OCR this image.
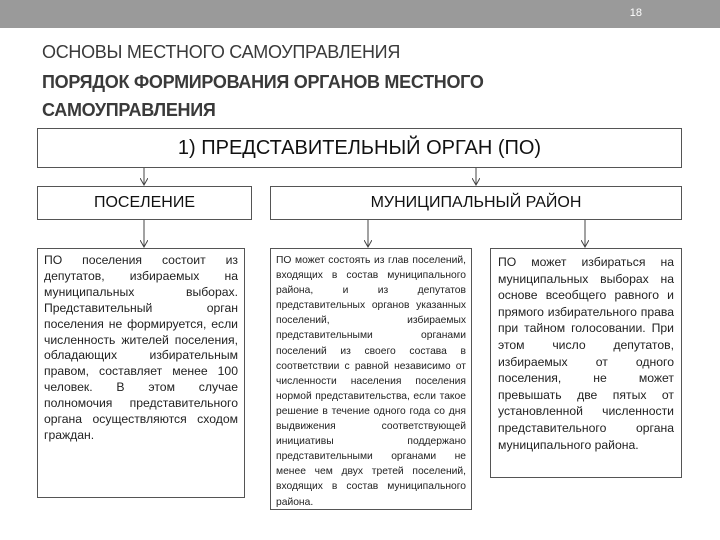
18
ОСНОВЫ МЕСТНОГО САМОУПРАВЛЕНИЯ
ПОРЯДОК ФОРМИРОВАНИЯ ОРГАНОВ МЕСТНОГО САМОУПРАВЛЕНИЯ
1) ПРЕДСТАВИТЕЛЬНЫЙ ОРГАН (ПО)
ПОСЕЛЕНИЕ	МУНИЦИПАЛЬНЫЙ РАЙОН
ПО поселения состоит из депутатов, избираемых на муниципальных выборах. Представительный орган поселения не формируется, если численность жителей поселения, обладающих избирательным правом, составляет менее 100 человек. В этом случае полномочия представительного органа осуществляются сходом граждан.
ПО может состоять из глав поселений, входящих в состав муниципального района, и из депутатов представительных органов указанных поселений, избираемых представительными органами поселений из своего состава в соответствии с равной независимо от численности населения поселения нормой представительства, если такое решение в течение одного года со дня выдвижения соответствующей инициативы поддержано представительными органами не менее чем двух третей поселений, входящих в состав муниципального района.
ПО может избираться на муниципальных выборах на основе всеобщего равного и прямого избирательного права при тайном голосовании. При этом число депутатов, избираемых от одного поселения, не может превышать две пятых от установленной численности представительного органа муниципального района.
